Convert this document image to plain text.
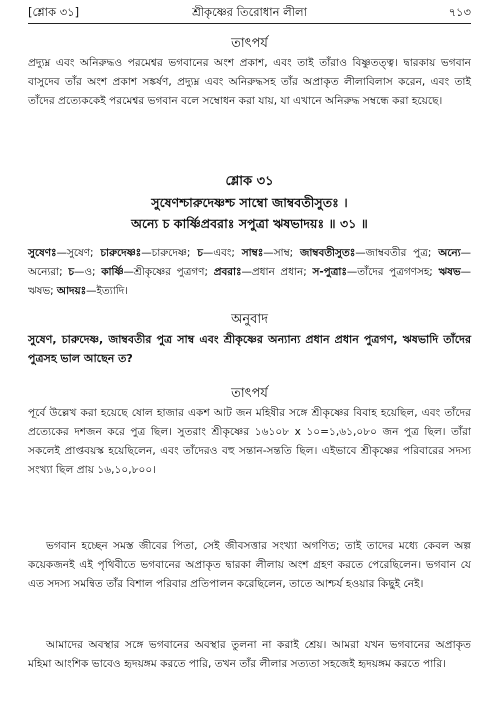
[শ্লোক ৩১]	শ্রীকৃষ্ণের তিরোধান লীলা	৭১৩
তাৎপর্য

প্রদ্যুম্ন এবং অনিরুদ্ধও পরমেশ্বর ভগবানের অংশ প্রকাশ, এবং তাই তাঁরাও বিষ্ণুতত্ত্ব। দ্বারকায় ভগবান বাসুদেব তাঁর অংশ প্রকাশ সঙ্কর্ষণ, প্রদ্যুম্ন এবং অনিরুদ্ধসহ তাঁর অপ্রাকৃত লীলাবিলাস করেন, এবং তাই তাঁদের প্রত্যেককেই পরমেশ্বর ভগবান বলে সম্বোধন করা যায়, যা এখানে অনিরুদ্ধ সম্বন্ধে করা হয়েছে।

শ্লোক ৩১
সুষেণশ্চারুদেষ্ণশ্চ সাম্বো জাম্ববতীসুতঃ ।
অন্যে চ কার্ষ্ণিপ্রবরাঃ সপুত্রা ঋষভাদয়ঃ ॥ ৩১ ॥

সুষেণঃ—সুষেণ; চারুদেষ্ণঃ—চারুদেষ্ণ; চ—এবং; সাম্বঃ—সাম্ব; জাম্ববতীসুতঃ—জাম্ববতীর পুত্র; অন্যে—অন্যেরা; চ—ও; কার্ষ্ণি—শ্রীকৃষ্ণের পুত্রগণ; প্রবরাঃ—প্রধান প্রধান; স-পুত্রাঃ—তাঁদের পুত্রগণসহ; ঋষভ—ঋষভ; আদয়ঃ—ইত্যাদি।

অনুবাদ

সুষেণ, চারুদেষ্ণ, জাম্ববতীর পুত্র সাম্ব এবং শ্রীকৃষ্ণের অন্যান্য প্রধান প্রধান পুত্রগণ, ঋষভাদি তাঁদের পুত্রসহ ভাল আছেন ত?

তাৎপর্য

পূর্বে উল্লেখ করা হয়েছে ষোল হাজার একশ আট জন মহিষীর সঙ্গে শ্রীকৃষ্ণের বিবাহ হয়েছিল, এবং তাঁদের প্রত্যেকের দশজন করে পুত্র ছিল। সুতরাং শ্রীকৃষ্ণের ১৬১০৮ x ১০=১,৬১,০৮০ জন পুত্র ছিল। তাঁরা সকলেই প্রাপ্তবয়স্ক হয়েছিলেন, এবং তাঁদেরও বহু সন্তান-সন্ততি ছিল। এইভাবে শ্রীকৃষ্ণের পরিবারের সদস্য সংখ্যা ছিল প্রায় ১৬,১০,৮০০।

ভগবান হচ্ছেন সমস্ত জীবের পিতা, সেই জীবসত্তার সংখ্যা অগণিত; তাই তাদের মধ্যে কেবল অল্প কয়েকজনই এই পৃথিবীতে ভগবানের অপ্রাকৃত দ্বারকা লীলায় অংশ গ্রহণ করতে পেরেছিলেন। ভগবান যে এত সদস্য সমন্বিত তাঁর বিশাল পরিবার প্রতিপালন করেছিলেন, তাতে আশ্চর্য হওয়ার কিছুই নেই।

আমাদের অবস্থার সঙ্গে ভগবানের অবস্থার তুলনা না করাই শ্রেয়। আমরা যখন ভগবানের অপ্রাকৃত মহিমা আংশিক ভাবেও হৃদয়ঙ্গম করতে পারি, তখন তাঁর লীলার সত্যতা সহজেই হৃদয়ঙ্গম করতে পারি।
